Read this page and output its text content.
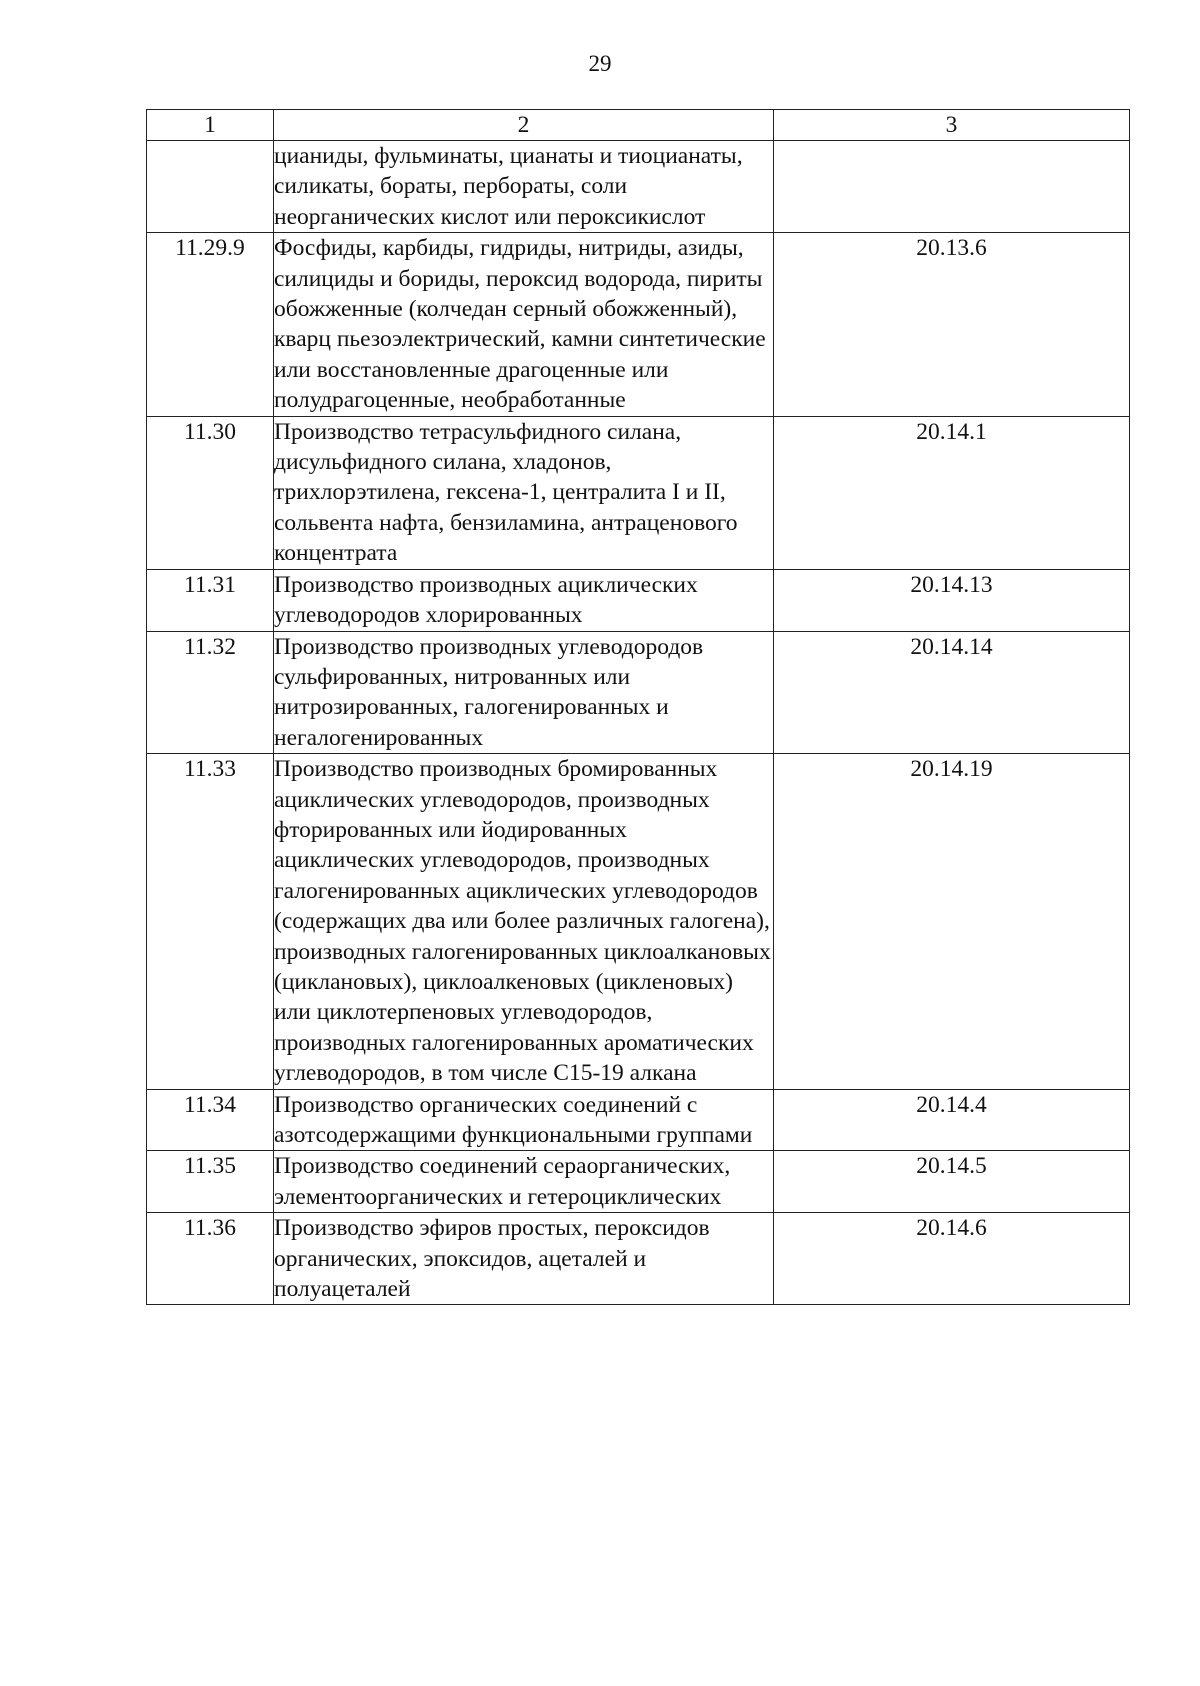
29
1	2	3
	цианиды, фульминаты, цианаты и тиоцианаты, силикаты, бораты, пербораты, соли неорганических кислот или пероксикислот	
11.29.9	Фосфиды, карбиды, гидриды, нитриды, азиды, силициды и бориды, пероксид водорода, пириты обожженные (колчедан серный обожженный), кварц пьезоэлектрический, камни синтетические или восстановленные драгоценные или полудрагоценные, необработанные	20.13.6
11.30	Производство тетрасульфидного силана, дисульфидного силана, хладонов, трихлорэтилена, гексена-1, централита I и II, сольвента нафта, бензиламина, антраценового концентрата	20.14.1
11.31	Производство производных ациклических углеводородов хлорированных	20.14.13
11.32	Производство производных углеводородов сульфированных, нитрованных или нитрозированных, галогенированных и негалогенированных	20.14.14
11.33	Производство производных бромированных ациклических углеводородов, производных фторированных или йодированных ациклических углеводородов, производных галогенированных ациклических углеводородов (содержащих два или более различных галогена), производных галогенированных циклоалкановых (циклановых), циклоалкеновых (цикленовых) или циклотерпеновых углеводородов, производных галогенированных ароматических углеводородов, в том числе С15-19 алкана	20.14.19
11.34	Производство органических соединений с азотсодержащими функциональными группами	20.14.4
11.35	Производство соединений сераорганических, элементоорганических и гетероциклических	20.14.5
11.36	Производство эфиров простых, пероксидов органических, эпоксидов, ацеталей и полуацеталей	20.14.6
